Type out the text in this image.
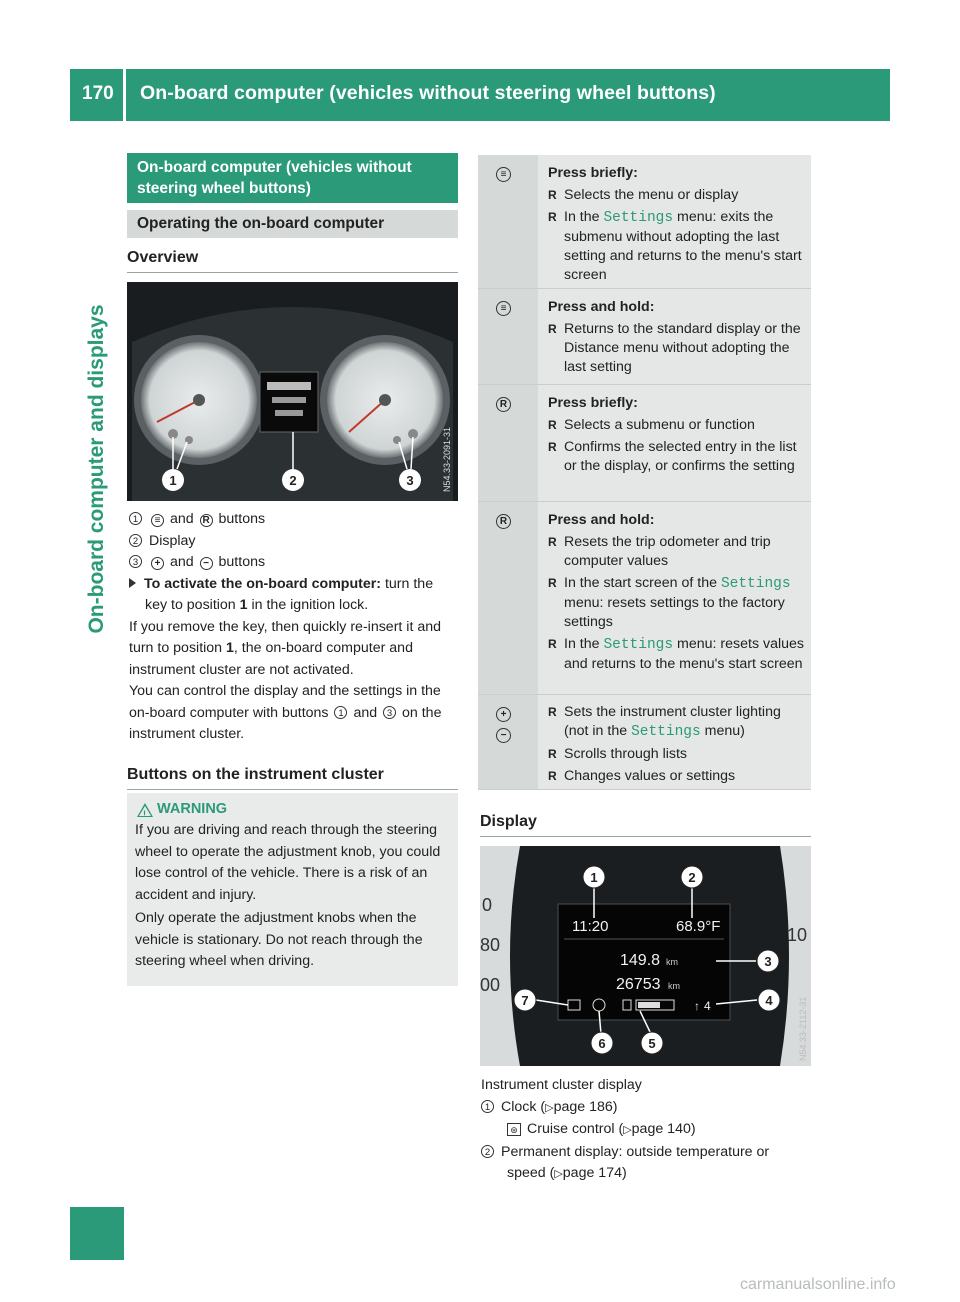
170 On-board computer (vehicles without steering wheel buttons)
On-board computer and displays
On-board computer (vehicles without steering wheel buttons)
Operating the on-board computer
Overview
1	2	3	N54.33-2091-31
1 ≡ and R buttons
2 Display
3 + and − buttons
To activate the on-board computer: turn the key to position 1 in the ignition lock.
If you remove the key, then quickly re-insert it and turn to position 1, the on-board computer and instrument cluster are not activated.
You can control the display and the settings in the on-board computer with buttons 1 and 3 on the instrument cluster.
Buttons on the instrument cluster
! WARNING
If you are driving and reach through the steering wheel to operate the adjustment knob, you could lose control of the vehicle. There is a risk of an accident and injury.
Only operate the adjustment knobs when the vehicle is stationary. Do not reach through the steering wheel when driving.
≡	Press briefly:
R Selects the menu or display
R In the Settings menu: exits the submenu without adopting the last setting and returns to the menu's start screen
≡	Press and hold:
R Returns to the standard display or the Distance menu without adopting the last setting
R	Press briefly:
R Selects a submenu or function
R Confirms the selected entry in the list or the display, or confirms the setting
R	Press and hold:
R Resets the trip odometer and trip computer values
R In the start screen of the Settings menu: resets settings to the factory settings
R In the Settings menu: resets values and returns to the menu's start screen
+
−
R Sets the instrument cluster lighting (not in the Settings menu)
R Scrolls through lists
R Changes values or settings
Display
0
80
00
10
11:20	68.9°F
149.8 km
26753 km
↑ 4
1	2
3
4
5
6
7	N54.33-2112-31
Instrument cluster display
1 Clock (▷page 186)
⊛ Cruise control (▷page 140)
2 Permanent display: outside temperature or speed (▷page 174)
carmanualsonline.info
